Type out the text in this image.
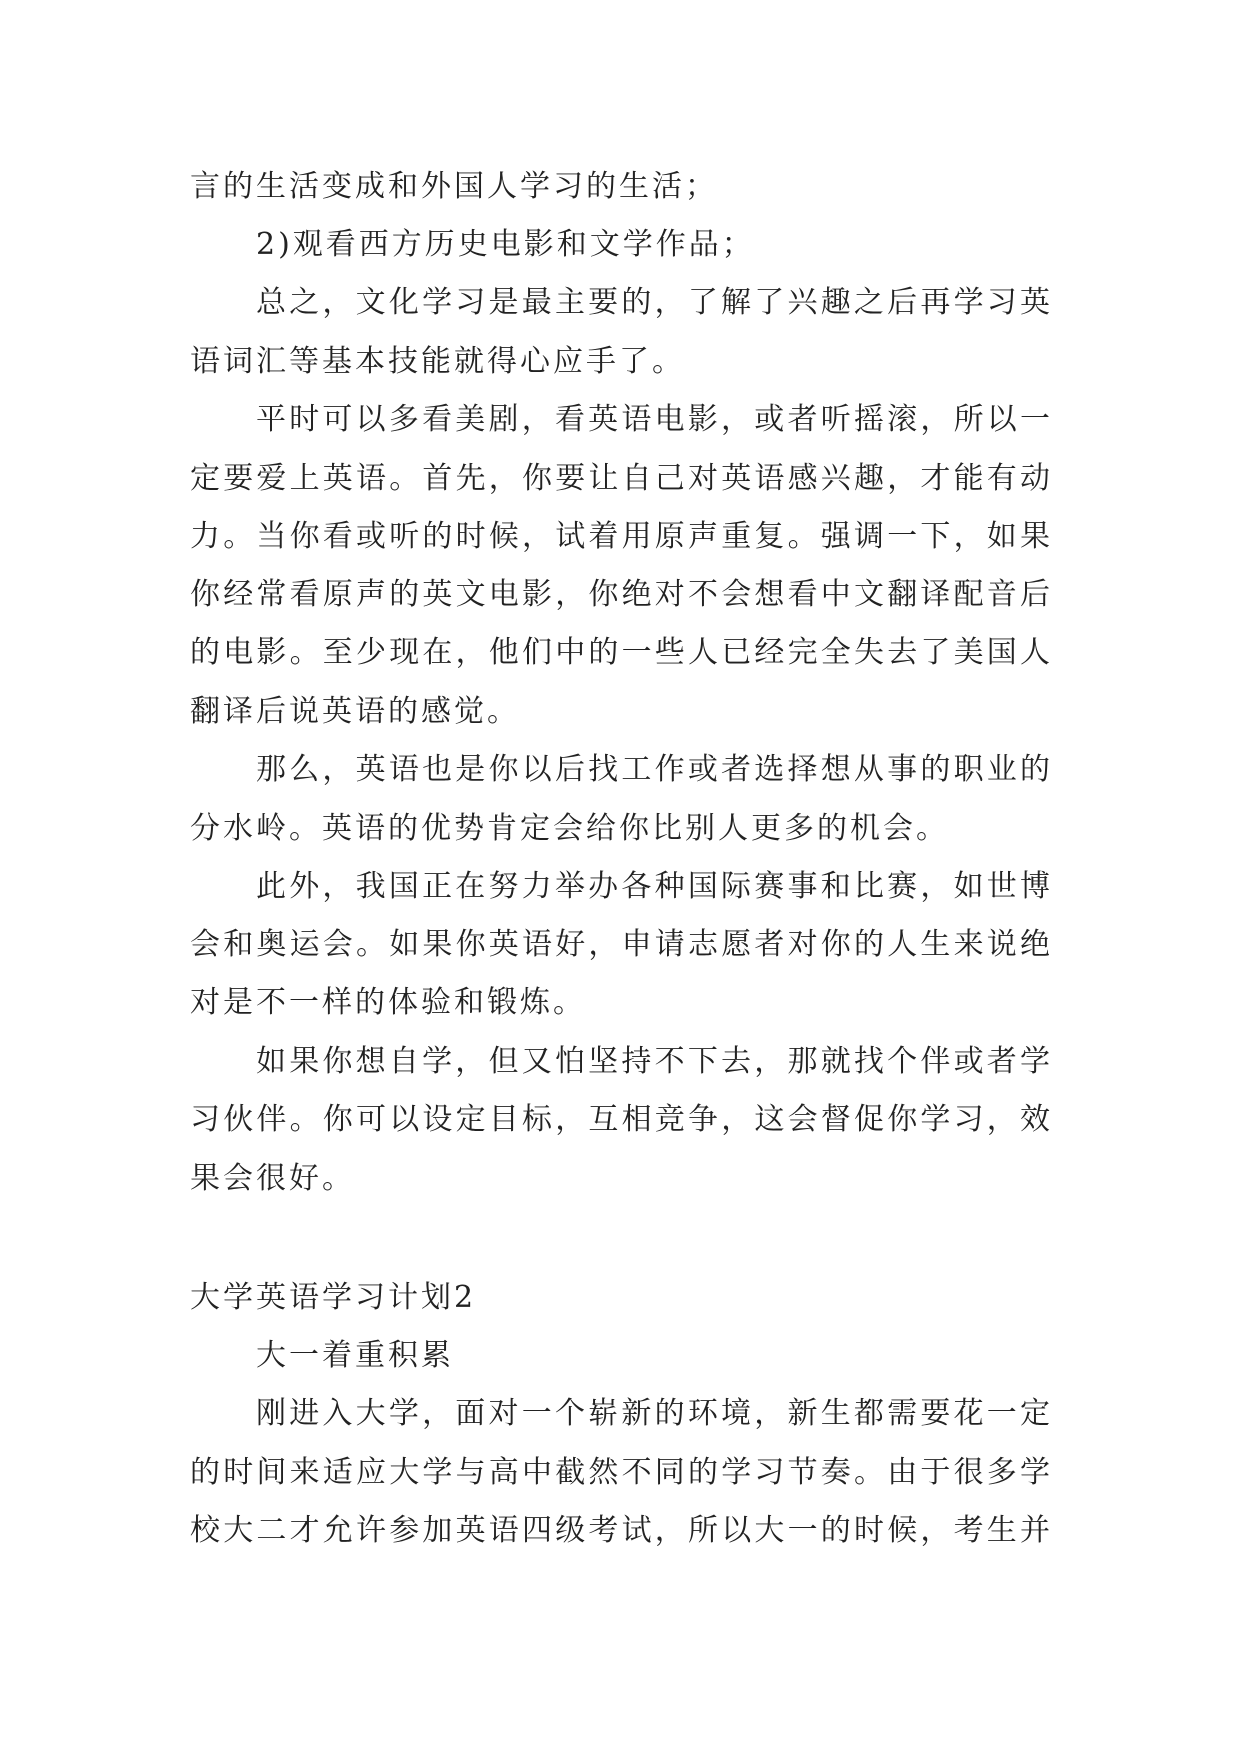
言的生活变成和外国人学习的生活；
2)观看西方历史电影和文学作品；
总之，文化学习是最主要的，了解了兴趣之后再学习英
语词汇等基本技能就得心应手了。
平时可以多看美剧，看英语电影，或者听摇滚，所以一
定要爱上英语。首先，你要让自己对英语感兴趣，才能有动
力。当你看或听的时候，试着用原声重复。强调一下，如果
你经常看原声的英文电影，你绝对不会想看中文翻译配音后
的电影。至少现在，他们中的一些人已经完全失去了美国人
翻译后说英语的感觉。
那么，英语也是你以后找工作或者选择想从事的职业的
分水岭。英语的优势肯定会给你比别人更多的机会。
此外，我国正在努力举办各种国际赛事和比赛，如世博
会和奥运会。如果你英语好，申请志愿者对你的人生来说绝
对是不一样的体验和锻炼。
如果你想自学，但又怕坚持不下去，那就找个伴或者学
习伙伴。你可以设定目标，互相竞争，这会督促你学习，效
果会很好。
大学英语学习计划2
大一着重积累
刚进入大学，面对一个崭新的环境，新生都需要花一定
的时间来适应大学与高中截然不同的学习节奏。由于很多学
校大二才允许参加英语四级考试，所以大一的时候，考生并
